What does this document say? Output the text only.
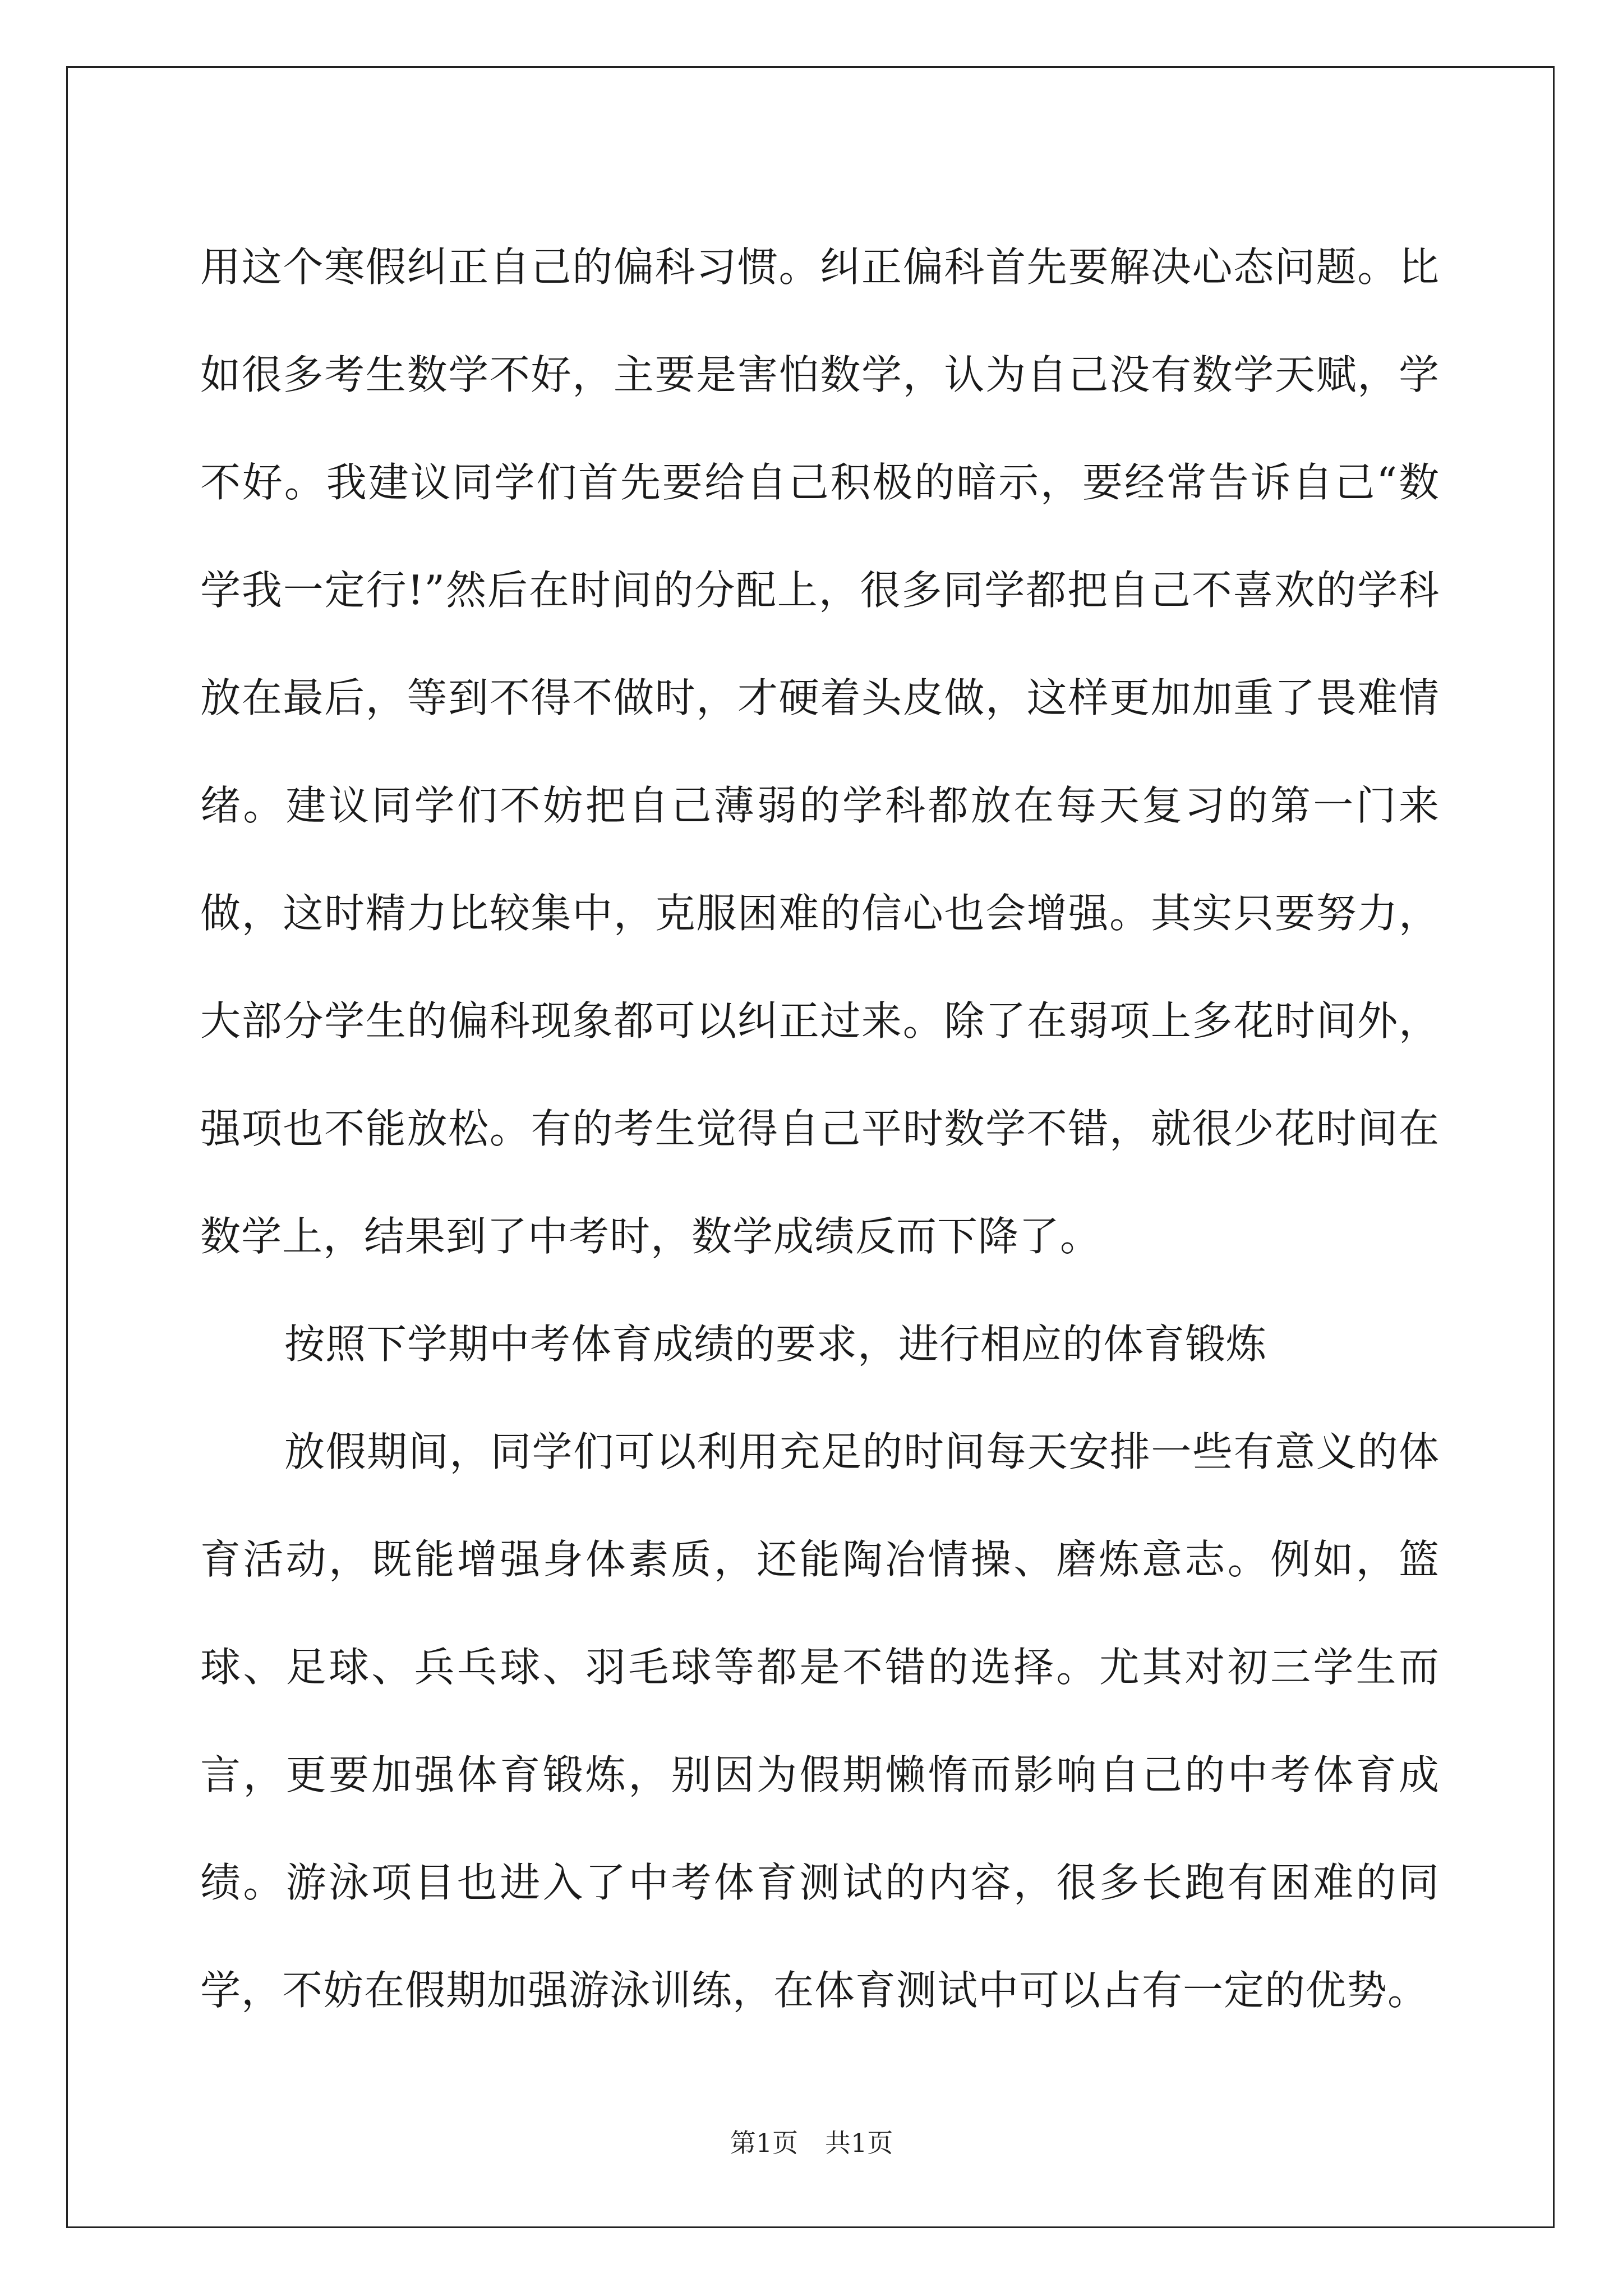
用这个寒假纠正自己的偏科习惯。纠正偏科首先要解决心态问题。比如很多考生数学不好，主要是害怕数学，认为自己没有数学天赋，学不好。我建议同学们首先要给自己积极的暗示，要经常告诉自己“数学我一定行!”然后在时间的分配上，很多同学都把自己不喜欢的学科放在最后，等到不得不做时，才硬着头皮做，这样更加加重了畏难情绪。建议同学们不妨把自己薄弱的学科都放在每天复习的第一门来做，这时精力比较集中，克服困难的信心也会增强。其实只要努力，大部分学生的偏科现象都可以纠正过来。除了在弱项上多花时间外，强项也不能放松。有的考生觉得自己平时数学不错，就很少花时间在数学上，结果到了中考时，数学成绩反而下降了。

按照下学期中考体育成绩的要求，进行相应的体育锻炼

放假期间，同学们可以利用充足的时间每天安排一些有意义的体育活动，既能增强身体素质，还能陶冶情操、磨炼意志。例如，篮球、足球、兵乓球、羽毛球等都是不错的选择。尤其对初三学生而言，更要加强体育锻炼，别因为假期懒惰而影响自己的中考体育成绩。游泳项目也进入了中考体育测试的内容，很多长跑有困难的同学，不妨在假期加强游泳训练，在体育测试中可以占有一定的优势。

第1页 共1页
